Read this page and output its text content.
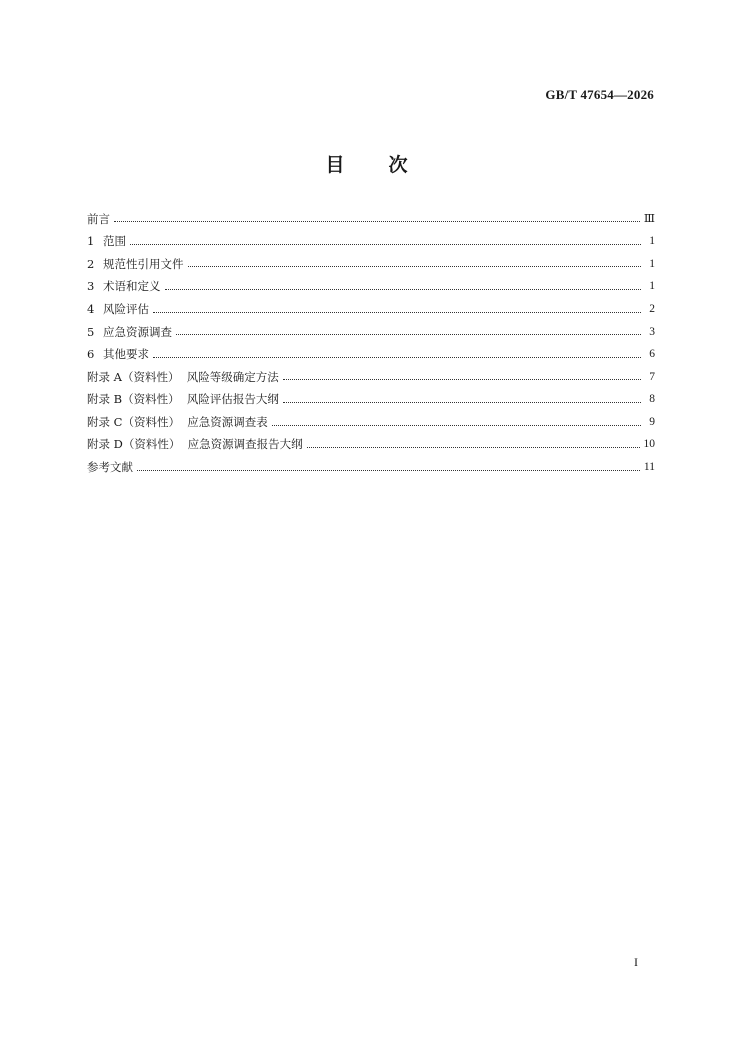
GB/T 47654—2026
目 次
前言	Ⅲ
1 范围	1
2 规范性引用文件	1
3 术语和定义	1
4 风险评估	2
5 应急资源调查	3
6 其他要求	6
附录 A（资料性）  风险等级确定方法	7
附录 B（资料性）  风险评估报告大纲	8
附录 C（资料性）  应急资源调查表	9
附录 D（资料性）  应急资源调查报告大纲	10
参考文献	11
I
